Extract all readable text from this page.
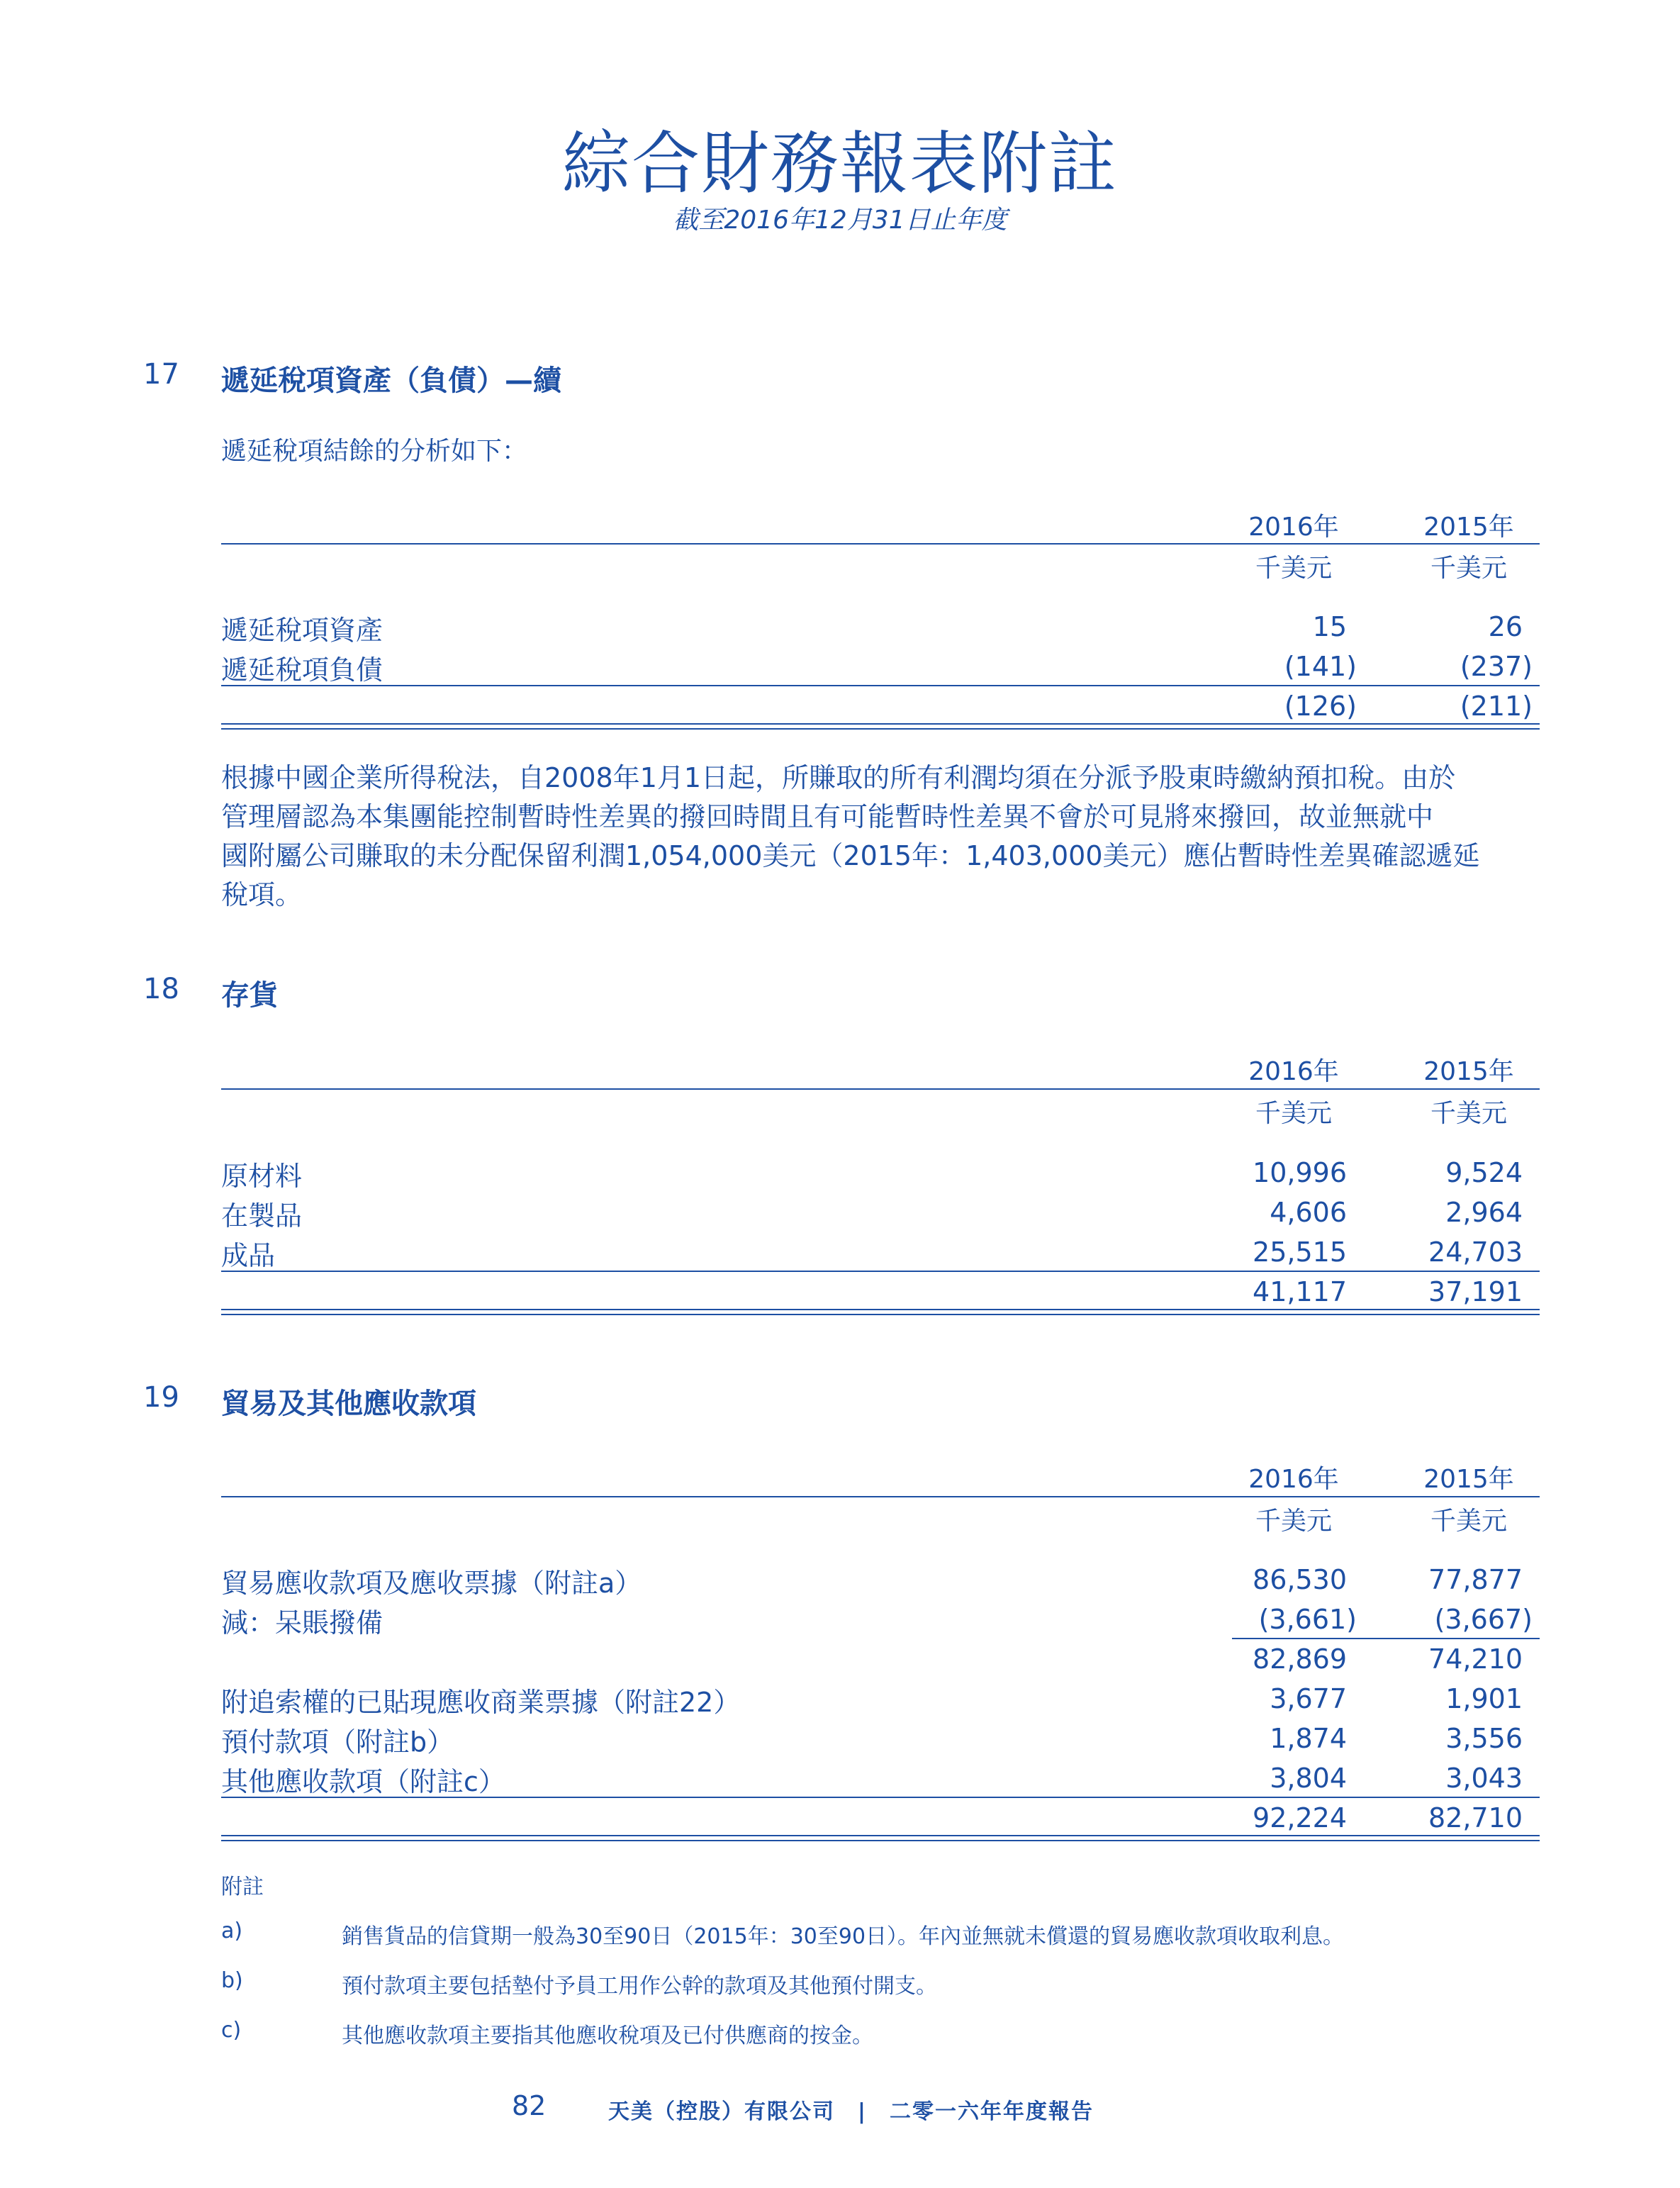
綜合財務報表附註
截至2016年12月31日止年度
17 遞延稅項資產（負債）—續
遞延稅項結餘的分析如下：
2016年	2015年
千美元	千美元
遞延稅項資產	15	26
遞延稅項負債	(141)	(237)
(126)	(211)
根據中國企業所得稅法，自2008年1月1日起，所賺取的所有利潤均須在分派予股東時繳納預扣稅。由於
管理層認為本集團能控制暫時性差異的撥回時間且有可能暫時性差異不會於可見將來撥回，故並無就中
國附屬公司賺取的未分配保留利潤1,054,000美元（2015年：1,403,000美元）應佔暫時性差異確認遞延
稅項。
18 存貨
2016年	2015年
千美元	千美元
原材料	10,996	9,524
在製品	4,606	2,964
成品	25,515	24,703
41,117	37,191
19 貿易及其他應收款項
2016年	2015年
千美元	千美元
貿易應收款項及應收票據（附註a）	86,530	77,877
減：呆賬撥備	(3,661)	(3,667)
82,869	74,210
附追索權的已貼現應收商業票據（附註22）	3,677	1,901
預付款項（附註b）	1,874	3,556
其他應收款項（附註c）	3,804	3,043
92,224	82,710
附註
a)	銷售貨品的信貸期一般為30至90日（2015年：30至90日）。年內並無就未償還的貿易應收款項收取利息。
b)	預付款項主要包括墊付予員工用作公幹的款項及其他預付開支。
c)	其他應收款項主要指其他應收稅項及已付供應商的按金。
82	天美（控股）有限公司　|　二零一六年年度報告
